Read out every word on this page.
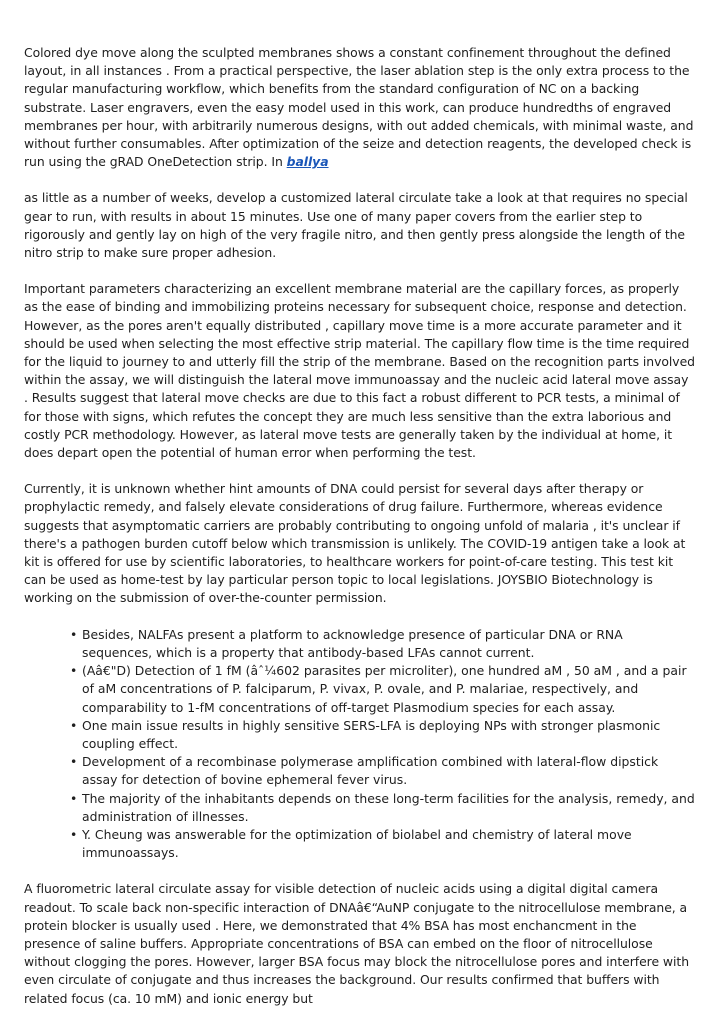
Colored dye move along the sculpted membranes shows a constant confinement throughout the defined layout, in all instances . From a practical perspective, the laser ablation step is the only extra process to the regular manufacturing workflow, which benefits from the standard configuration of NC on a backing substrate. Laser engravers, even the easy model used in this work, can produce hundredths of engraved membranes per hour, with arbitrarily numerous designs, with out added chemicals, with minimal waste, and without further consumables. After optimization of the seize and detection reagents, the developed check is run using the gRAD OneDetection strip. In ballya

as little as a number of weeks, develop a customized lateral circulate take a look at that requires no special gear to run, with results in about 15 minutes. Use one of many paper covers from the earlier step to rigorously and gently lay on high of the very fragile nitro, and then gently press alongside the length of the nitro strip to make sure proper adhesion.

Important parameters characterizing an excellent membrane material are the capillary forces, as properly as the ease of binding and immobilizing proteins necessary for subsequent choice, response and detection. However, as the pores aren't equally distributed , capillary move time is a more accurate parameter and it should be used when selecting the most effective strip material. The capillary flow time is the time required for the liquid to journey to and utterly fill the strip of the membrane. Based on the recognition parts involved within the assay, we will distinguish the lateral move immunoassay and the nucleic acid lateral move assay . Results suggest that lateral move checks are due to this fact a robust different to PCR tests, a minimal of for those with signs, which refutes the concept they are much less sensitive than the extra laborious and costly PCR methodology. However, as lateral move tests are generally taken by the individual at home, it does depart open the potential of human error when performing the test.

Currently, it is unknown whether hint amounts of DNA could persist for several days after therapy or prophylactic remedy, and falsely elevate considerations of drug failure. Furthermore, whereas evidence suggests that asymptomatic carriers are probably contributing to ongoing unfold of malaria , it's unclear if there's a pathogen burden cutoff below which transmission is unlikely. The COVID-19 antigen take a look at kit is offered for use by scientific laboratories, to healthcare workers for point-of-care testing. This test kit can be used as home-test by lay particular person topic to local legislations. JOYSBIO Biotechnology is working on the submission of over-the-counter permission.

• Besides, NALFAs present a platform to acknowledge presence of particular DNA or RNA sequences, which is a property that antibody-based LFAs cannot current.
• (Aâ€"D) Detection of 1 fM (âˆ¼602 parasites per microliter), one hundred aM , 50 aM , and a pair of aM concentrations of P. falciparum, P. vivax, P. ovale, and P. malariae, respectively, and comparability to 1-fM concentrations of off-target Plasmodium species for each assay.
• One main issue results in highly sensitive SERS-LFA is deploying NPs with stronger plasmonic coupling effect.
• Development of a recombinase polymerase amplification combined with lateral-flow dipstick assay for detection of bovine ephemeral fever virus.
• The majority of the inhabitants depends on these long-term facilities for the analysis, remedy, and administration of illnesses.
• Y. Cheung was answerable for the optimization of biolabel and chemistry of lateral move immunoassays.

A fluorometric lateral circulate assay for visible detection of nucleic acids using a digital digital camera readout. To scale back non-specific interaction of DNAâ€“AuNP conjugate to the nitrocellulose membrane, a protein blocker is usually used . Here, we demonstrated that 4% BSA has most enchancment in the presence of saline buffers. Appropriate concentrations of BSA can embed on the floor of nitrocellulose without clogging the pores. However, larger BSA focus may block the nitrocellulose pores and interfere with even circulate of conjugate and thus increases the background. Our results confirmed that buffers with related focus (ca. 10 mM) and ionic energy but
